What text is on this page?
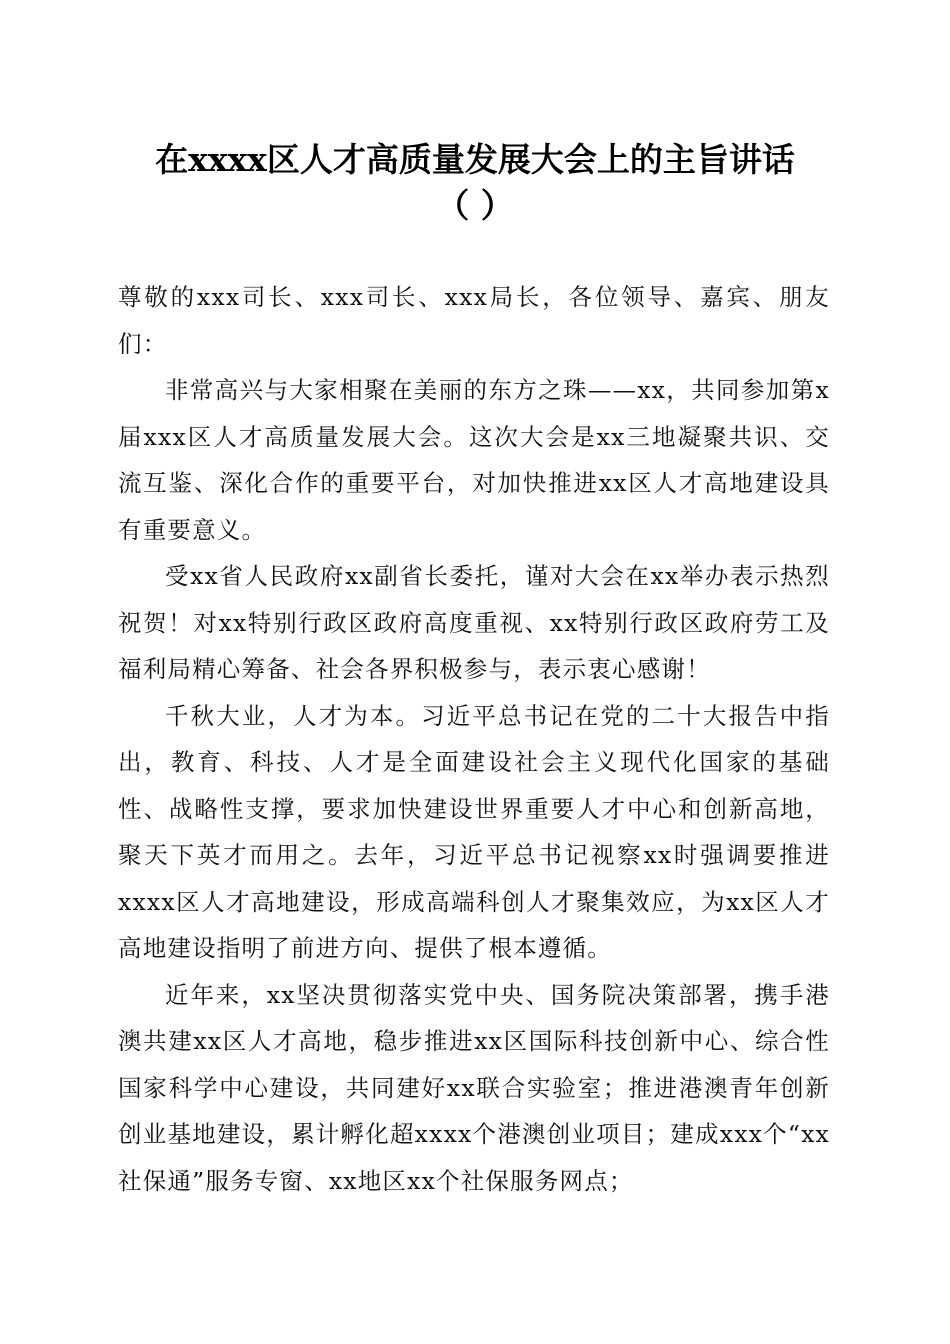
在xxxx区人才高质量发展大会上的主旨讲话
（ ）

尊敬的xxx司长、xxx司长、xxx局长，各位领导、嘉宾、朋友们：

非常高兴与大家相聚在美丽的东方之珠——xx，共同参加第x届xxx区人才高质量发展大会。这次大会是xx三地凝聚共识、交流互鉴、深化合作的重要平台，对加快推进xx区人才高地建设具有重要意义。

受xx省人民政府xx副省长委托，谨对大会在xx举办表示热烈祝贺！对xx特别行政区政府高度重视、xx特别行政区政府劳工及福利局精心筹备、社会各界积极参与，表示衷心感谢！

千秋大业，人才为本。习近平总书记在党的二十大报告中指出，教育、科技、人才是全面建设社会主义现代化国家的基础性、战略性支撑，要求加快建设世界重要人才中心和创新高地，聚天下英才而用之。去年，习近平总书记视察xx时强调要推进xxxx区人才高地建设，形成高端科创人才聚集效应，为xx区人才高地建设指明了前进方向、提供了根本遵循。

近年来，xx坚决贯彻落实党中央、国务院决策部署，携手港澳共建xx区人才高地，稳步推进xx区国际科技创新中心、综合性国家科学中心建设，共同建好xx联合实验室；推进港澳青年创新创业基地建设，累计孵化超xxxx个港澳创业项目；建成xxx个“xx社保通”服务专窗、xx地区xx个社保服务网点；
